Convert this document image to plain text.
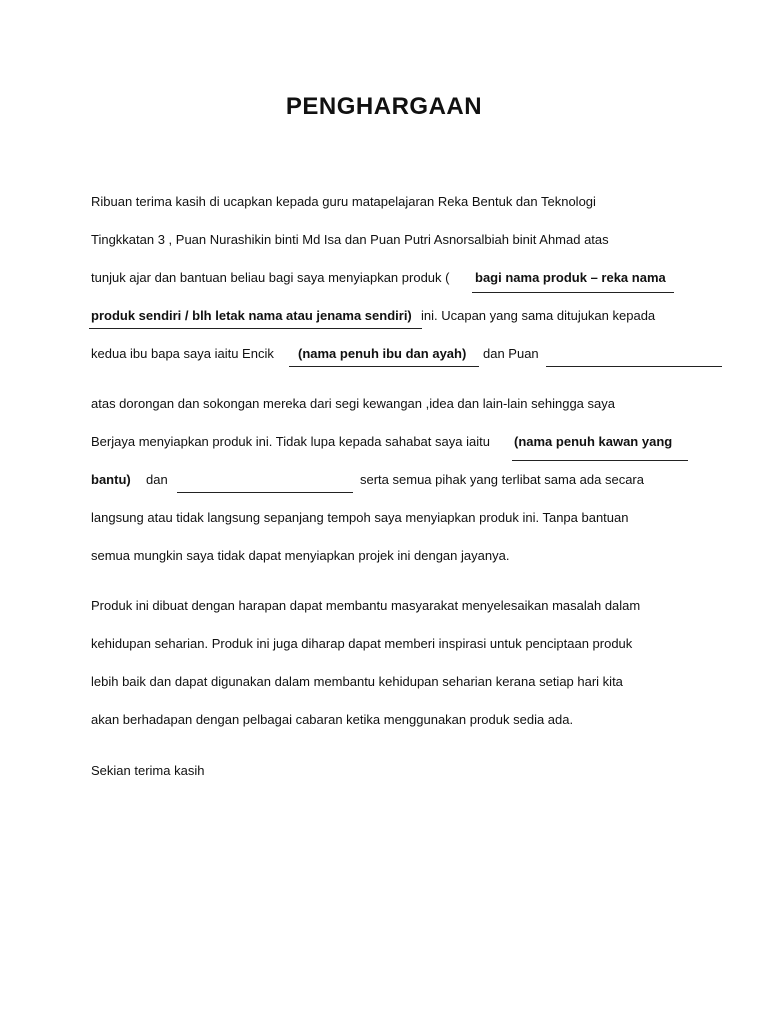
PENGHARGAAN
Ribuan terima kasih di ucapkan kepada guru matapelajaran Reka Bentuk dan Teknologi
Tingkkatan 3 , Puan Nurashikin binti Md Isa dan Puan Putri Asnorsalbiah binit Ahmad atas
tunjuk ajar dan bantuan beliau bagi saya menyiapkan produk ( bagi nama produk – reka nama
produk sendiri / blh letak nama atau jenama sendiri) ini. Ucapan yang sama ditujukan kepada
kedua ibu bapa saya iaitu Encik (nama penuh ibu dan ayah) dan Puan
atas dorongan dan sokongan mereka dari segi kewangan ,idea dan lain-lain sehingga saya
Berjaya menyiapkan produk ini. Tidak lupa kepada sahabat saya iaitu (nama penuh kawan yang
bantu) dan	serta semua pihak yang terlibat sama ada secara
langsung atau tidak langsung sepanjang tempoh saya menyiapkan produk ini. Tanpa bantuan
semua mungkin saya tidak dapat menyiapkan projek ini dengan jayanya.
Produk ini dibuat dengan harapan dapat membantu masyarakat menyelesaikan masalah dalam
kehidupan seharian. Produk ini juga diharap dapat memberi inspirasi untuk penciptaan produk
lebih baik dan dapat digunakan dalam membantu kehidupan seharian kerana setiap hari kita
akan berhadapan dengan pelbagai cabaran ketika menggunakan produk sedia ada.
Sekian terima kasih
